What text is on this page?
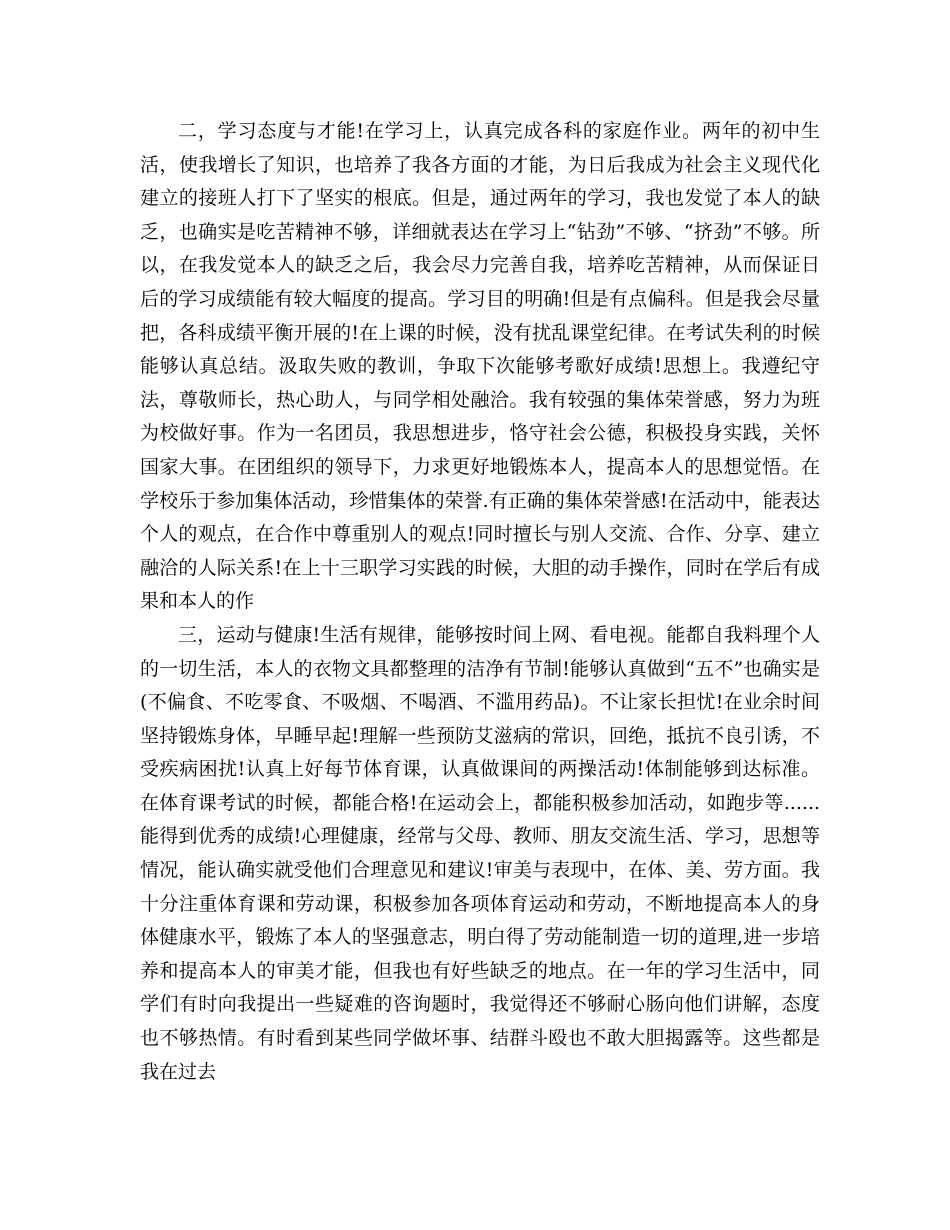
二，学习态度与才能!在学习上，认真完成各科的家庭作业。两年的初中生活，使我增长了知识，也培养了我各方面的才能，为日后我成为社会主义现代化建立的接班人打下了坚实的根底。但是，通过两年的学习，我也发觉了本人的缺乏，也确实是吃苦精神不够，详细就表达在学习上“钻劲”不够、“挤劲”不够。所以，在我发觉本人的缺乏之后，我会尽力完善自我，培养吃苦精神，从而保证日后的学习成绩能有较大幅度的提高。学习目的明确!但是有点偏科。但是我会尽量把，各科成绩平衡开展的!在上课的时候，没有扰乱课堂纪律。在考试失利的时候能够认真总结。汲取失败的教训，争取下次能够考歌好成绩!思想上。我遵纪守法，尊敬师长，热心助人，与同学相处融洽。我有较强的集体荣誉感，努力为班为校做好事。作为一名团员，我思想进步，恪守社会公德，积极投身实践，关怀国家大事。在团组织的领导下，力求更好地锻炼本人，提高本人的思想觉悟。在学校乐于参加集体活动，珍惜集体的荣誉.有正确的集体荣誉感!在活动中，能表达个人的观点，在合作中尊重别人的观点!同时擅长与别人交流、合作、分享、建立融洽的人际关系!在上十三职学习实践的时候，大胆的动手操作，同时在学后有成果和本人的作

三，运动与健康!生活有规律，能够按时间上网、看电视。能都自我料理个人的一切生活，本人的衣物文具都整理的洁净有节制!能够认真做到“五不”也确实是(不偏食、不吃零食、不吸烟、不喝酒、不滥用药品)。不让家长担忧!在业余时间坚持锻炼身体，早睡早起!理解一些预防艾滋病的常识，回绝，抵抗不良引诱，不受疾病困扰!认真上好每节体育课，认真做课间的两操活动!体制能够到达标准。在体育课考试的时候，都能合格!在运动会上，都能积极参加活动，如跑步等......能得到优秀的成绩!心理健康，经常与父母、教师、朋友交流生活、学习，思想等情况，能认确实就受他们合理意见和建议!审美与表现中，在体、美、劳方面。我十分注重体育课和劳动课，积极参加各项体育运动和劳动，不断地提高本人的身体健康水平，锻炼了本人的坚强意志，明白得了劳动能制造一切的道理,进一步培养和提高本人的审美才能，但我也有好些缺乏的地点。在一年的学习生活中，同学们有时向我提出一些疑难的咨询题时，我觉得还不够耐心肠向他们讲解，态度也不够热情。有时看到某些同学做坏事、结群斗殴也不敢大胆揭露等。这些都是我在过去
